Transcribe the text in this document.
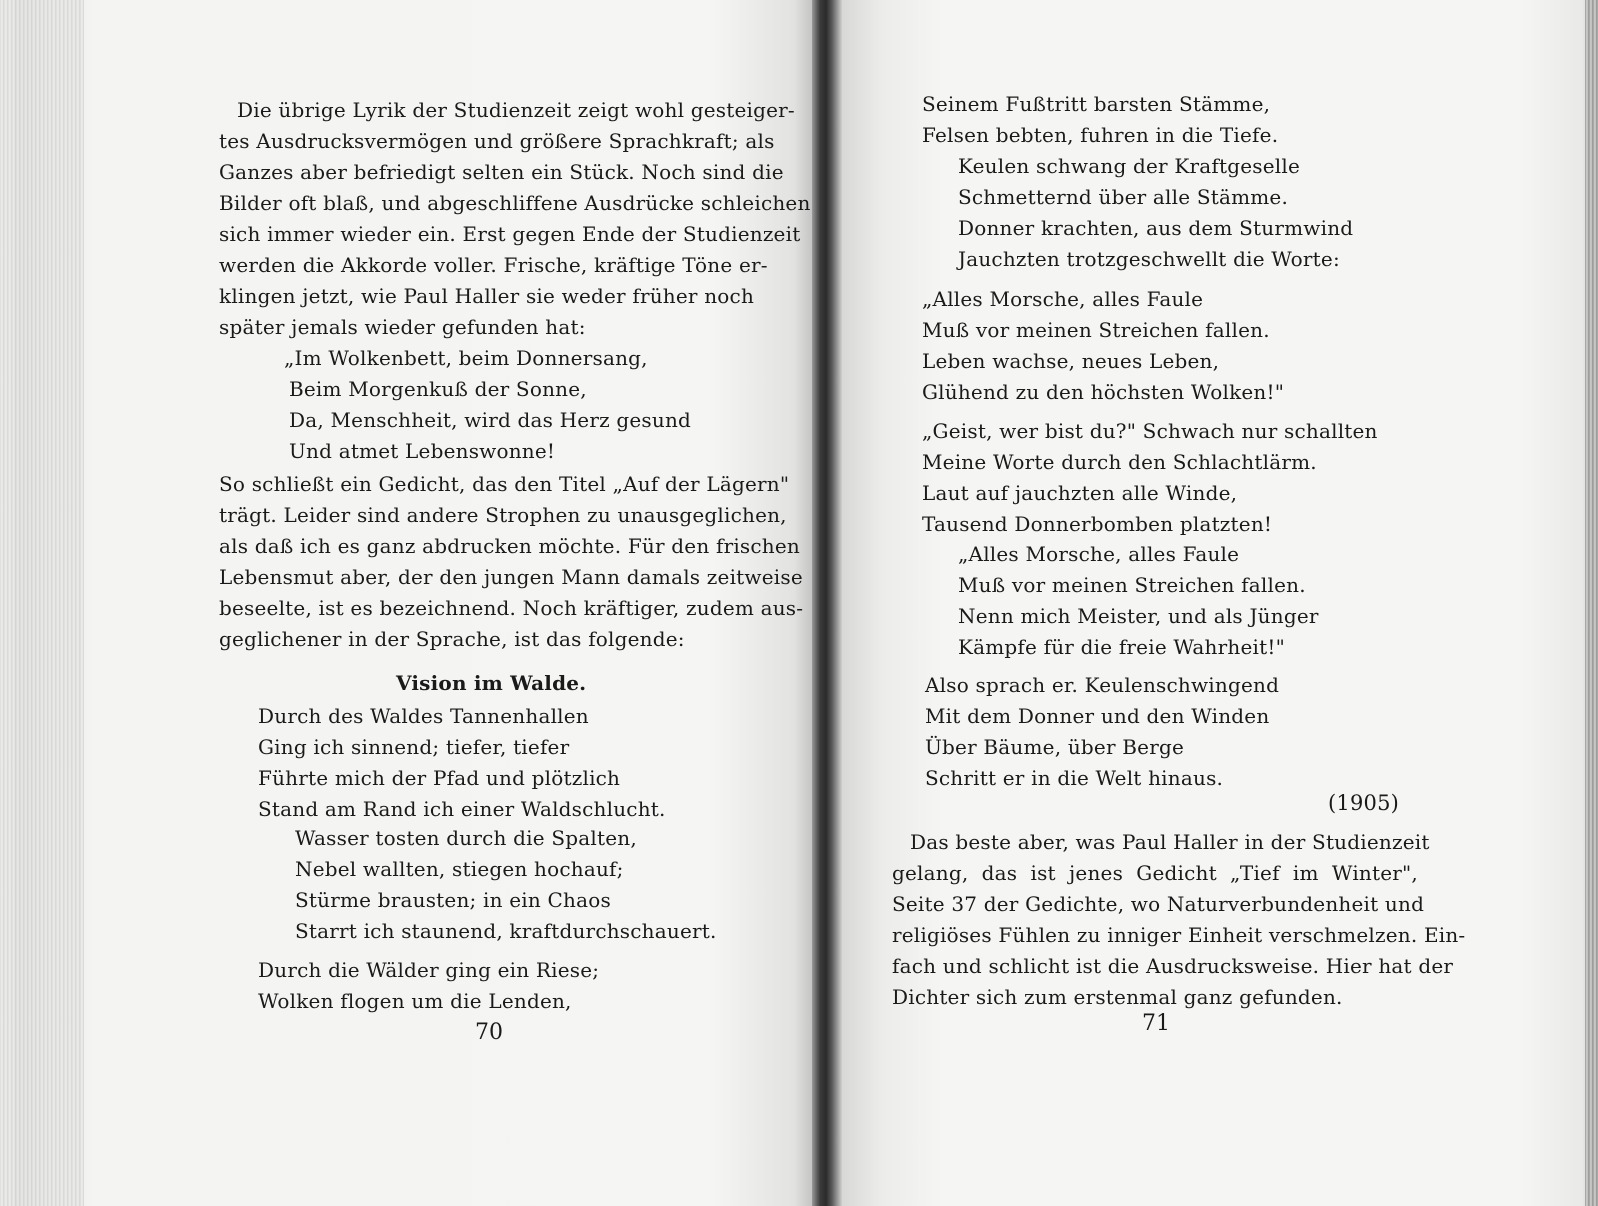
Die übrige Lyrik der Studienzeit zeigt wohl gesteiger-
tes Ausdrucksvermögen und größere Sprachkraft; als
Ganzes aber befriedigt selten ein Stück. Noch sind die
Bilder oft blaß, und abgeschliffene Ausdrücke schleichen
sich immer wieder ein. Erst gegen Ende der Studienzeit
werden die Akkorde voller. Frische, kräftige Töne er-
klingen jetzt, wie Paul Haller sie weder früher noch
später jemals wieder gefunden hat:
„Im Wolkenbett, beim Donnersang,
Beim Morgenkuß der Sonne,
Da, Menschheit, wird das Herz gesund
Und atmet Lebenswonne!
So schließt ein Gedicht, das den Titel „Auf der Lägern"
trägt. Leider sind andere Strophen zu unausgeglichen,
als daß ich es ganz abdrucken möchte. Für den frischen
Lebensmut aber, der den jungen Mann damals zeitweise
beseelte, ist es bezeichnend. Noch kräftiger, zudem aus-
geglichener in der Sprache, ist das folgende:
Vision im Walde.
Durch des Waldes Tannenhallen
Ging ich sinnend; tiefer, tiefer
Führte mich der Pfad und plötzlich
Stand am Rand ich einer Waldschlucht.
Wasser tosten durch die Spalten,
Nebel wallten, stiegen hochauf;
Stürme brausten; in ein Chaos
Starrt ich staunend, kraftdurchschauert.
Durch die Wälder ging ein Riese;
Wolken flogen um die Lenden,
70
Seinem Fußtritt barsten Stämme,
Felsen bebten, fuhren in die Tiefe.
Keulen schwang der Kraftgeselle
Schmetternd über alle Stämme.
Donner krachten, aus dem Sturmwind
Jauchzten trotzgeschwellt die Worte:
„Alles Morsche, alles Faule
Muß vor meinen Streichen fallen.
Leben wachse, neues Leben,
Glühend zu den höchsten Wolken!"
„Geist, wer bist du?" Schwach nur schallten
Meine Worte durch den Schlachtlärm.
Laut auf jauchzten alle Winde,
Tausend Donnerbomben platzten!
„Alles Morsche, alles Faule
Muß vor meinen Streichen fallen.
Nenn mich Meister, und als Jünger
Kämpfe für die freie Wahrheit!"
Also sprach er. Keulenschwingend
Mit dem Donner und den Winden
Über Bäume, über Berge
Schritt er in die Welt hinaus.
(1905)
Das beste aber, was Paul Haller in der Studienzeit
gelang, das ist jenes Gedicht „Tief im Winter",
Seite 37 der Gedichte, wo Naturverbundenheit und
religiöses Fühlen zu inniger Einheit verschmelzen. Ein-
fach und schlicht ist die Ausdrucksweise. Hier hat der
Dichter sich zum erstenmal ganz gefunden.
71
